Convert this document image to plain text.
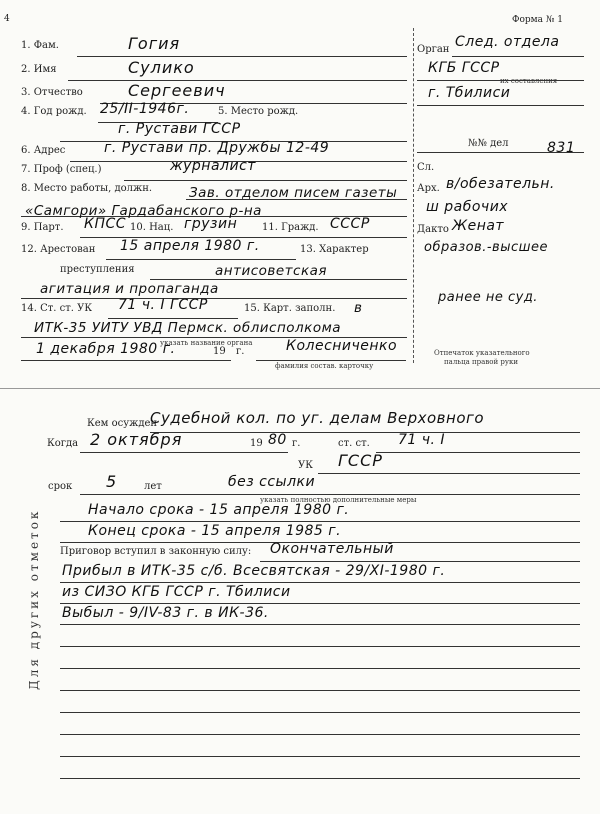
4	Форма № 1
1. Фам.	Гогия
2. Имя	Сулико
3. Отчество	Сергеевич
4. Год рожд. 25/II-1946г.	5. Место рожд.
г. Рустави ГССР
6. Адрес	г. Рустави пр. Дружбы 12-49
7. Проф (спец.)	журналист
8. Место работы, должн.	Зав. отделом писем газеты «Самгори» Гардабанского р-на
9. Парт. КПСС 10. Нац. грузин 11. Гражд. СССР
12. Арестован 15 апреля 1980 г.	13. Характер
преступления	антисоветская агитация и пропаганда
14. Ст. ст. УК 71 ч. I ГССР	15. Карт. заполн.	в ИТК-35 УИТУ УВД Пермск. облисполкома
указать название органа
1 декабря 1980 г.	19 г.	Колесниченко
фамилия состав. карточку
Орган След. отдела
КГБ ГССР
их составления
г. Тбилиси
№№ дел	831
Сл.
Арх. в/обезательн.
ш рабочих
Дакто Женат
образов.-высшее
ранее не суд.
Отпечаток указательного
пальца правой руки
Для других отметок
Кем осужден
Судебной кол. по уг. делам Верховного
Когда 2 октября	19 80 г.	ст. ст. 71 ч. I
УК ГССР
срок 5	лет	без ссылки
указать полностью дополнительные меры
Начало срока - 15 апреля 1980 г.
Конец срока - 15 апреля 1985 г.
Приговор вступил в законную силу: Окончательный
Прибыл в ИТК-35 с/б. Всесвятская - 29/XI-1980 г.
из СИЗО КГБ ГССР г. Тбилиси
Выбыл - 9/IV-83 г. в ИК-36.
